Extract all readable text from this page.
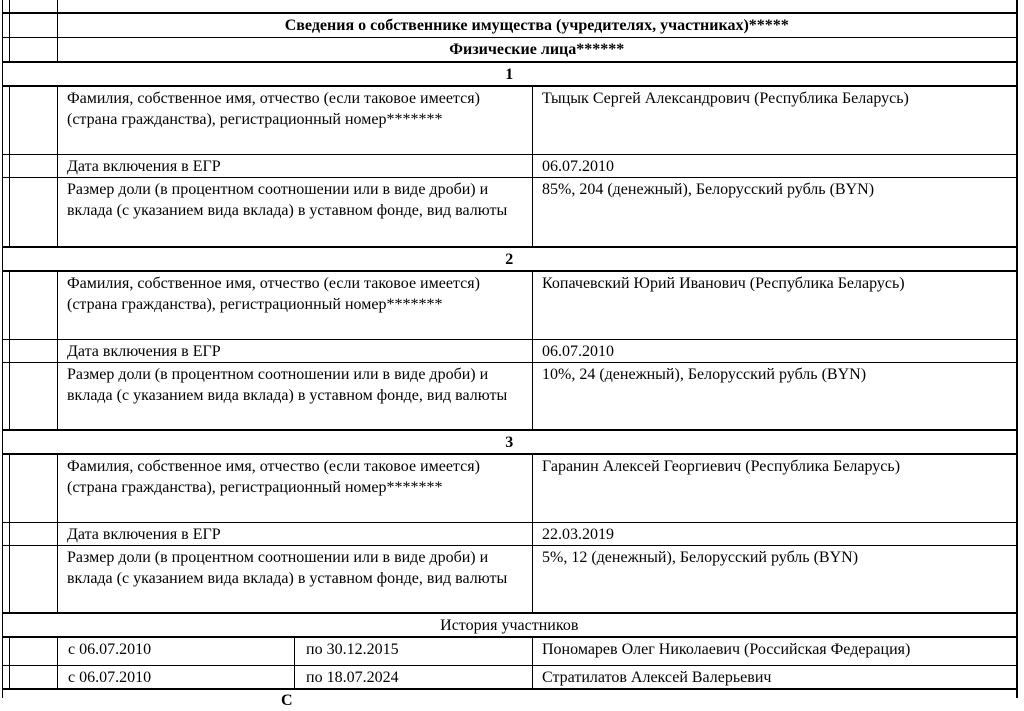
		Сведения о собственнике имущества (учредителях, участниках)*****		
		Физические лица******		
1				
		Фамилия, собственное имя, отчество (если таковое имеется) (страна гражданства), регистрационный номер*******		Тыцык Сергей Александрович (Республика Беларусь)
		Дата включения в ЕГР		06.07.2010
		Размер доли (в процентном соотношении или в виде дроби) и вклада (с указанием вида вклада) в уставном фонде, вид валюты		85%, 204 (денежный), Белорусский рубль (BYN)
2				
		Фамилия, собственное имя, отчество (если таковое имеется) (страна гражданства), регистрационный номер*******		Копачевский Юрий Иванович (Республика Беларусь)
		Дата включения в ЕГР		06.07.2010
		Размер доли (в процентном соотношении или в виде дроби) и вклада (с указанием вида вклада) в уставном фонде, вид валюты		10%, 24 (денежный), Белорусский рубль (BYN)
3				
		Фамилия, собственное имя, отчество (если таковое имеется) (страна гражданства), регистрационный номер*******		Гаранин Алексей Георгиевич (Республика Беларусь)
		Дата включения в ЕГР		22.03.2019
		Размер доли (в процентном соотношении или в виде дроби) и вклада (с указанием вида вклада) в уставном фонде, вид валюты		5%, 12 (денежный), Белорусский рубль (BYN)
История участников				
		с 06.07.2010	по 30.12.2015	Пономарев Олег Николаевич (Российская Федерация)
		с 06.07.2010	по 18.07.2024	Стратилатов Алексей Валерьевич

С				
